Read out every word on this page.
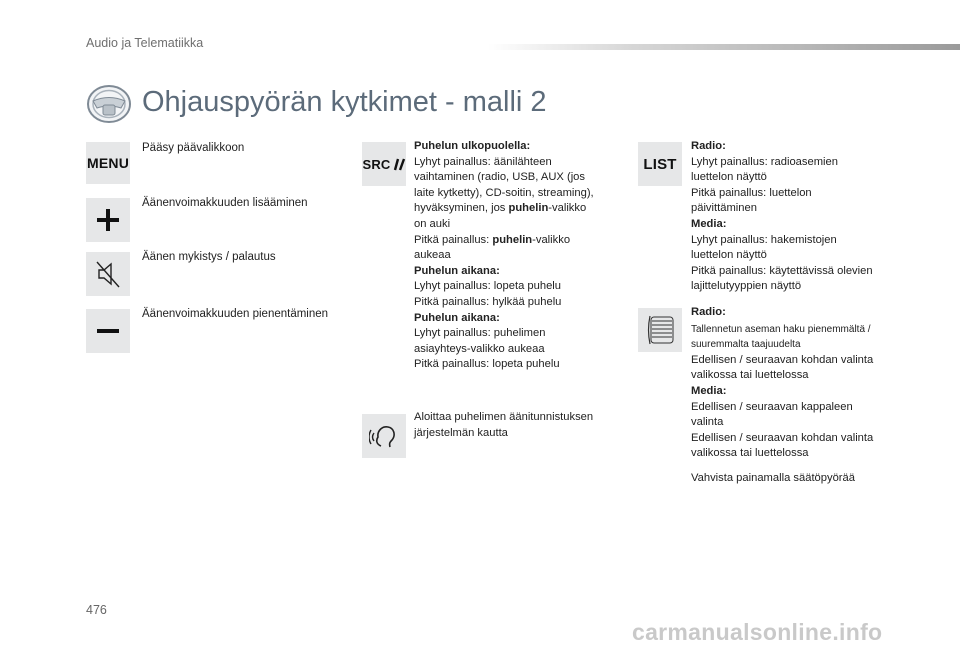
Audio ja Telematiikka
Ohjauspyörän kytkimet - malli 2
MENU
Pääsy päävalikkoon
Äänenvoimakkuuden lisääminen
Äänen mykistys / palautus
Äänenvoimakkuuden pienentäminen
SRC
Puhelun ulkopuolella:
Lyhyt painallus: äänilähteen
vaihtaminen (radio, USB, AUX (jos
laite kytketty), CD-soitin, streaming),
hyväksyminen, jos puhelin-valikko
on auki
Pitkä painallus: puhelin-valikko
aukeaa
Puhelun aikana:
Lyhyt painallus: lopeta puhelu
Pitkä painallus: hylkää puhelu
Puhelun aikana:
Lyhyt painallus: puhelimen
asiayhteys-valikko aukeaa
Pitkä painallus: lopeta puhelu
Aloittaa puhelimen äänitunnistuksen
järjestelmän kautta
LIST
Radio:
Lyhyt painallus: radioasemien
luettelon näyttö
Pitkä painallus: luettelon
päivittäminen
Media:
Lyhyt painallus: hakemistojen
luettelon näyttö
Pitkä painallus: käytettävissä olevien
lajittelutyyppien näyttö
Radio:
Tallennetun aseman haku pienemmältä /
suuremmalta taajuudelta
Edellisen / seuraavan kohdan valinta
valikossa tai luettelossa
Media:
Edellisen / seuraavan kappaleen
valinta
Edellisen / seuraavan kohdan valinta
valikossa tai luettelossa
Vahvista painamalla säätöpyörää
476
carmanualsonline.info
